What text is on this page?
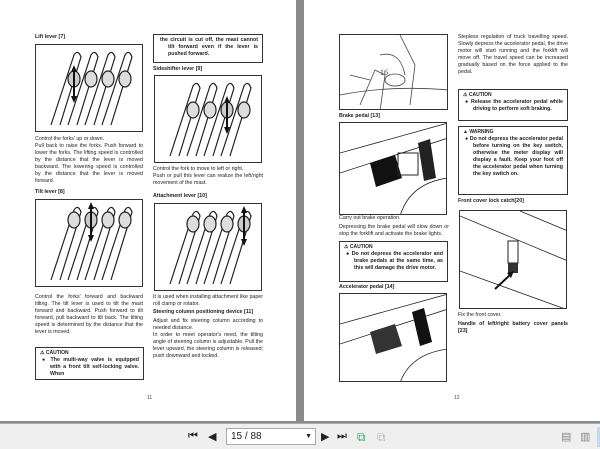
Lift lever [7]
Control the forks' up or down.
Pull back to raise the forks. Push forward to lower the forks. The lifting speed is controlled by the distance that the lever is moved backward. The lowering speed is controlled by the distance that the lever is moved forward.
Tilt lever [8]
Control the forks' forward and backward tilting. The tilt lever is used to tilt the mast forward and backward. Push forward to tilt forward, pull backward to tilt back. The tilting speed is determined by the distance that the lever is moved.
⚠ CAUTION
● The multi-way valve is equipped with a front tilt self-locking valve. When
the circuit is cut off, the mast cannot tilt forward even if the lever is pushed forward.
Sideshifter lever [9]
Control the fork to move to left or right.
Push or pull this lever can realize the left/right movement of the mast.
Attachment lever [10]
It is used when installing attachment like paper roll clamp or rotator.
Steering column positioning device [11]
Adjust and fix steering column according to needed distance.
In order to meet operator's need, the tilting angle of steering column is adjustable. Pull the lever upward, the steering column is released; push downward and locked.
11
16
Brake pedal [13]
Carry out brake operation.
Depressing the brake pedal will slow down or stop the forklift and activate the brake lights.
⚠ CAUTION
● Do not depress the accelerator and brake pedals at the same time, as this will damage the drive motor.
Accelerator pedal [14]
Stepless regulation of truck travelling speed. Slowly depress the accelerator pedal, the drive motor will start running and the forklift will move off. The travel speed can be increased gradually based on the force applied to the pedal.
⚠ CAUTION
● Release the accelerator pedal while driving to perform soft braking.
▲ WARNING
● Do not depress the accelerator pedal before turning on the key switch, otherwise the meter display will display a fault. Keep your foot off the accelerator pedal when turning the key switch on.
Front cover lock catch[20]
Fix the front cover.
Handle of left/right battery cover panels [23]
12
⏮ ◀	15 / 88	▼ ▶ ⏭ ⧉ ⧉	▤ ▥
